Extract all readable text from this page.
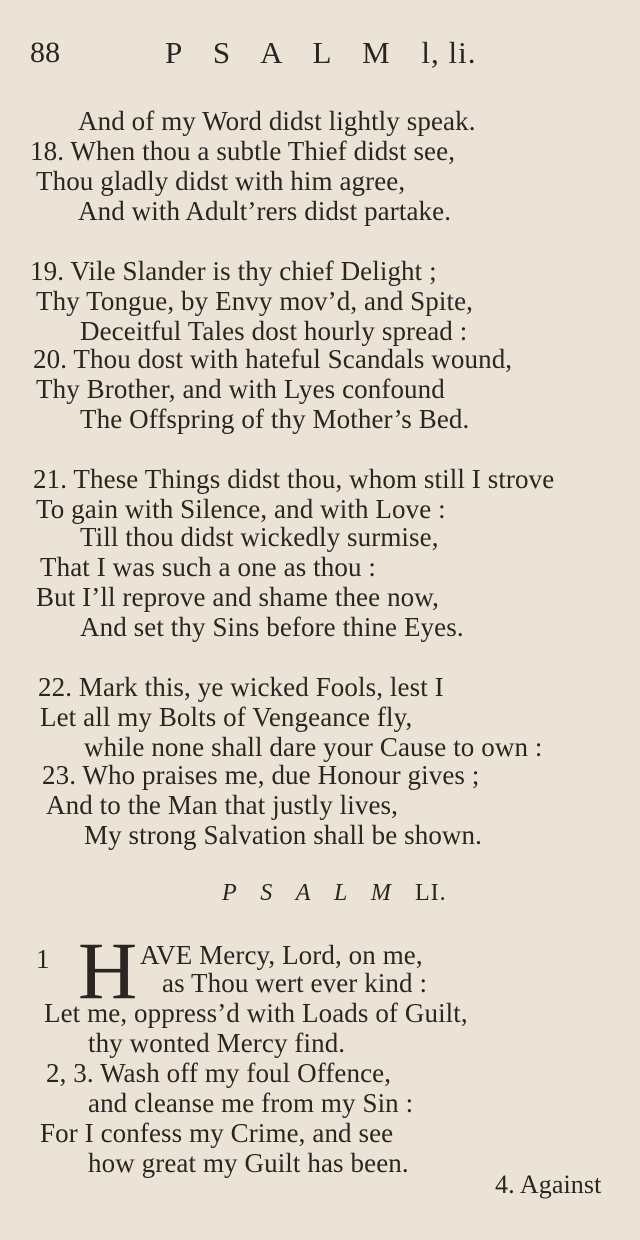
88	P S A L M l, li.
And of my Word didst lightly speak.
18. When thou a subtle Thief didst see,
Thou gladly didst with him agree,
And with Adult’rers didst partake.
19. Vile Slander is thy chief Delight ;
Thy Tongue, by Envy mov’d, and Spite,
Deceitful Tales dost hourly spread :
20. Thou dost with hateful Scandals wound,
Thy Brother, and with Lyes confound
The Offspring of thy Mother’s Bed.
21. These Things didst thou, whom still I strove
To gain with Silence, and with Love :
Till thou didst wickedly surmise,
That I was such a one as thou :
But I’ll reprove and shame thee now,
And set thy Sins before thine Eyes.
22. Mark this, ye wicked Fools, lest I
Let all my Bolts of Vengeance fly,
while none shall dare your Cause to own :
23. Who praises me, due Honour gives ;
And to the Man that justly lives,
My strong Salvation shall be shown.
P S A L M LI.
1 H AVE Mercy, Lord, on me,
as Thou wert ever kind :
Let me, oppress’d with Loads of Guilt,
thy wonted Mercy find.
2, 3. Wash off my foul Offence,
and cleanse me from my Sin :
For I confess my Crime, and see
how great my Guilt has been.
4. Against
